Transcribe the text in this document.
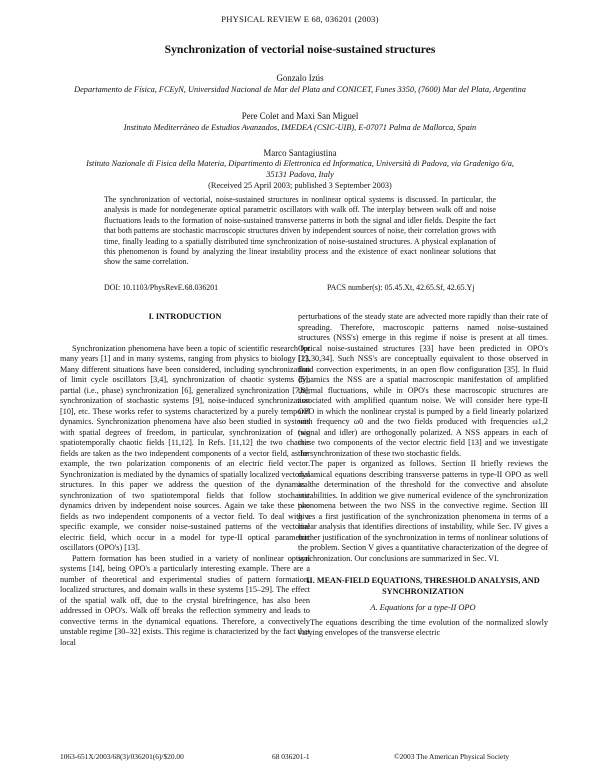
PHYSICAL REVIEW E 68, 036201 (2003)
Synchronization of vectorial noise-sustained structures
Gonzalo Izús
Departamento de Física, FCEyN, Universidad Nacional de Mar del Plata and CONICET, Funes 3350, (7600) Mar del Plata, Argentina
Pere Colet and Maxi San Miguel
Instituto Mediterráneo de Estudios Avanzados, IMEDEA (CSIC-UIB), E-07071 Palma de Mallorca, Spain
Marco Santagiustina
Istituto Nazionale di Fisica della Materia, Dipartimento di Elettronica ed Informatica, Università di Padova, via Gradenigo 6/a,
35131 Padova, Italy
(Received 25 April 2003; published 3 September 2003)
The synchronization of vectorial, noise-sustained structures in nonlinear optical systems is discussed. In particular, the analysis is made for nondegenerate optical parametric oscillators with walk off. The interplay between walk off and noise fluctuations leads to the formation of noise-sustained transverse patterns in both the signal and idler fields. Despite the fact that both patterns are stochastic macroscopic structures driven by independent sources of noise, their correlation grows with time, finally leading to a spatially distributed time synchronization of noise-sustained structures. A physical explanation of this phenomenon is found by analyzing the linear instability process and the existence of exact nonlinear solutions that show the same correlation.
DOI: 10.1103/PhysRevE.68.036201	PACS number(s): 05.45.Xt, 42.65.Sf, 42.65.Yj
I. INTRODUCTION

Synchronization phenomena have been a topic of scientific research for many years [1] and in many systems, ranging from physics to biology [2]. Many different situations have been considered, including synchronization of limit cycle oscillators [3,4], synchronization of chaotic systems [5], partial (i.e., phase) synchronization [6], generalized synchronization [7,8], synchronization of stochastic systems [9], noise-induced synchronization [10], etc. These works refer to systems characterized by a purely temporal dynamics. Synchronization phenomena have also been studied in systems with spatial degrees of freedom, in particular, synchronization of two spatiotemporally chaotic fields [11,12]. In Refs. [11,12] the two chaotic fields are taken as the two independent components of a vector field, as for example, the two polarization components of an electric field vector. Synchronization is mediated by the dynamics of spatially localized vectorial structures. In this paper we address the question of the dynamical synchronization of two spatiotemporal fields that follow stochastic dynamics driven by independent noise sources. Again we take these two fields as two independent components of a vector field. To deal with a specific example, we consider noise-sustained patterns of the vectorial electric field, which occur in a model for type-II optical parametric oscillators (OPO's) [13].

Pattern formation has been studied in a variety of nonlinear optical systems [14], being OPO's a particularly interesting example. There are a number of theoretical and experimental studies of pattern formation, localized structures, and domain walls in these systems [15–29]. The effect of the spatial walk off, due to the crystal birefringence, has also been addressed in OPO's. Walk off breaks the reflection symmetry and leads to convective terms in the dynamical equations. Therefore, a convectively unstable regime [30–32] exists. This regime is characterized by the fact that local

perturbations of the steady state are advected more rapidly than their rate of spreading. Therefore, macroscopic patterns named noise-sustained structures (NSS's) emerge in this regime if noise is present at all times. Optical noise-sustained structures [33] have been predicted in OPO's [13,30,34]. Such NSS's are conceptually equivalent to those observed in fluid convection experiments, in an open flow configuration [35]. In fluid dynamics the NSS are a spatial macroscopic manifestation of amplified thermal fluctuations, while in OPO's these macroscopic structures are associated with amplified quantum noise. We will consider here type-II OPO in which the nonlinear crystal is pumped by a field linearly polarized with frequency ω0 and the two fields produced with frequencies ω1,2 (signal and idler) are orthogonally polarized. A NSS appears in each of these two components of the vector electric field [13] and we investigate the synchronization of these two stochastic fields.

The paper is organized as follows. Section II briefly reviews the dynamical equations describing transverse patterns in type-II OPO as well as the determination of the threshold for the convective and absolute instabilities. In addition we give numerical evidence of the synchronization phenomena between the two NSS in the convective regime. Section III gives a first justification of the synchronization phenomena in terms of a linear analysis that identifies directions of instability, while Sec. IV gives a further justification of the synchronization in terms of nonlinear solutions of the problem. Section V gives a quantitative characterization of the degree of synchronization. Our conclusions are summarized in Sec. VI.

II. MEAN-FIELD EQUATIONS, THRESHOLD ANALYSIS, AND SYNCHRONIZATION
A. Equations for a type-II OPO

The equations describing the time evolution of the normalized slowly varying envelopes of the transverse electric

1063-651X/2003/68(3)/036201(6)/$20.00	68 036201-1	©2003 The American Physical Society
